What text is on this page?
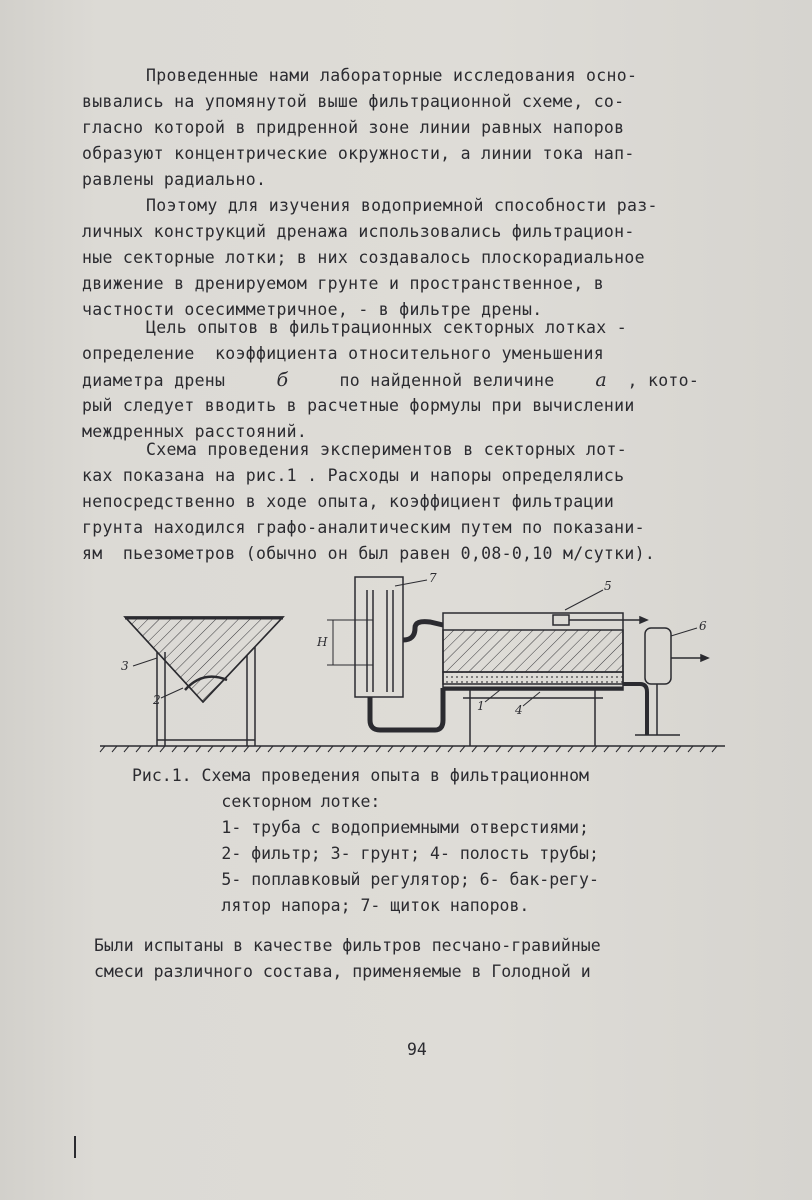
Проведенные нами лабораторные исследования осно-
вывались на упомянутой выше фильтрационной схеме, со-
гласно которой в придренной зоне линии равных напоров
образуют концентрические окружности, а линии тока нап-
равлены радиально.
Поэтому для изучения водоприемной способности раз-
личных конструкций дренажа использовались фильтрацион-
ные секторные лотки; в них создавалось плоскорадиальное
движение в дренируемом грунте и пространственное, в
частности осесимметричное, - в фильтре дрены.
Цель опытов в фильтрационных секторных лотках -
определение  коэффициента относительного уменьшения
диаметра дрены	б	по найденной величине a , кото-
рый следует вводить в расчетные формулы при вычислении
междренных расстояний.
Схема проведения экспериментов в секторных лот-
ках показана на рис.1 . Расходы и напоры определялись
непосредственно в ходе опыта, коэффициент фильтрации
грунта находился графо-аналитическим путем по показани-
ям  пьезометров (обычно он был равен 0,08-0,10 м/сутки).
7
5
6
3
2	1	4
H
Рис.1. Схема проведения опыта в фильтрационном
секторном лотке:
1- труба с водоприемными отверстиями;
2- фильтр; 3- грунт; 4- полость трубы;
5- поплавковый регулятор; 6- бак-регу-
лятор напора; 7- щиток напоров.
Были испытаны в качестве фильтров песчано-гравийные
смеси различного состава, применяемые в Голодной и
94
